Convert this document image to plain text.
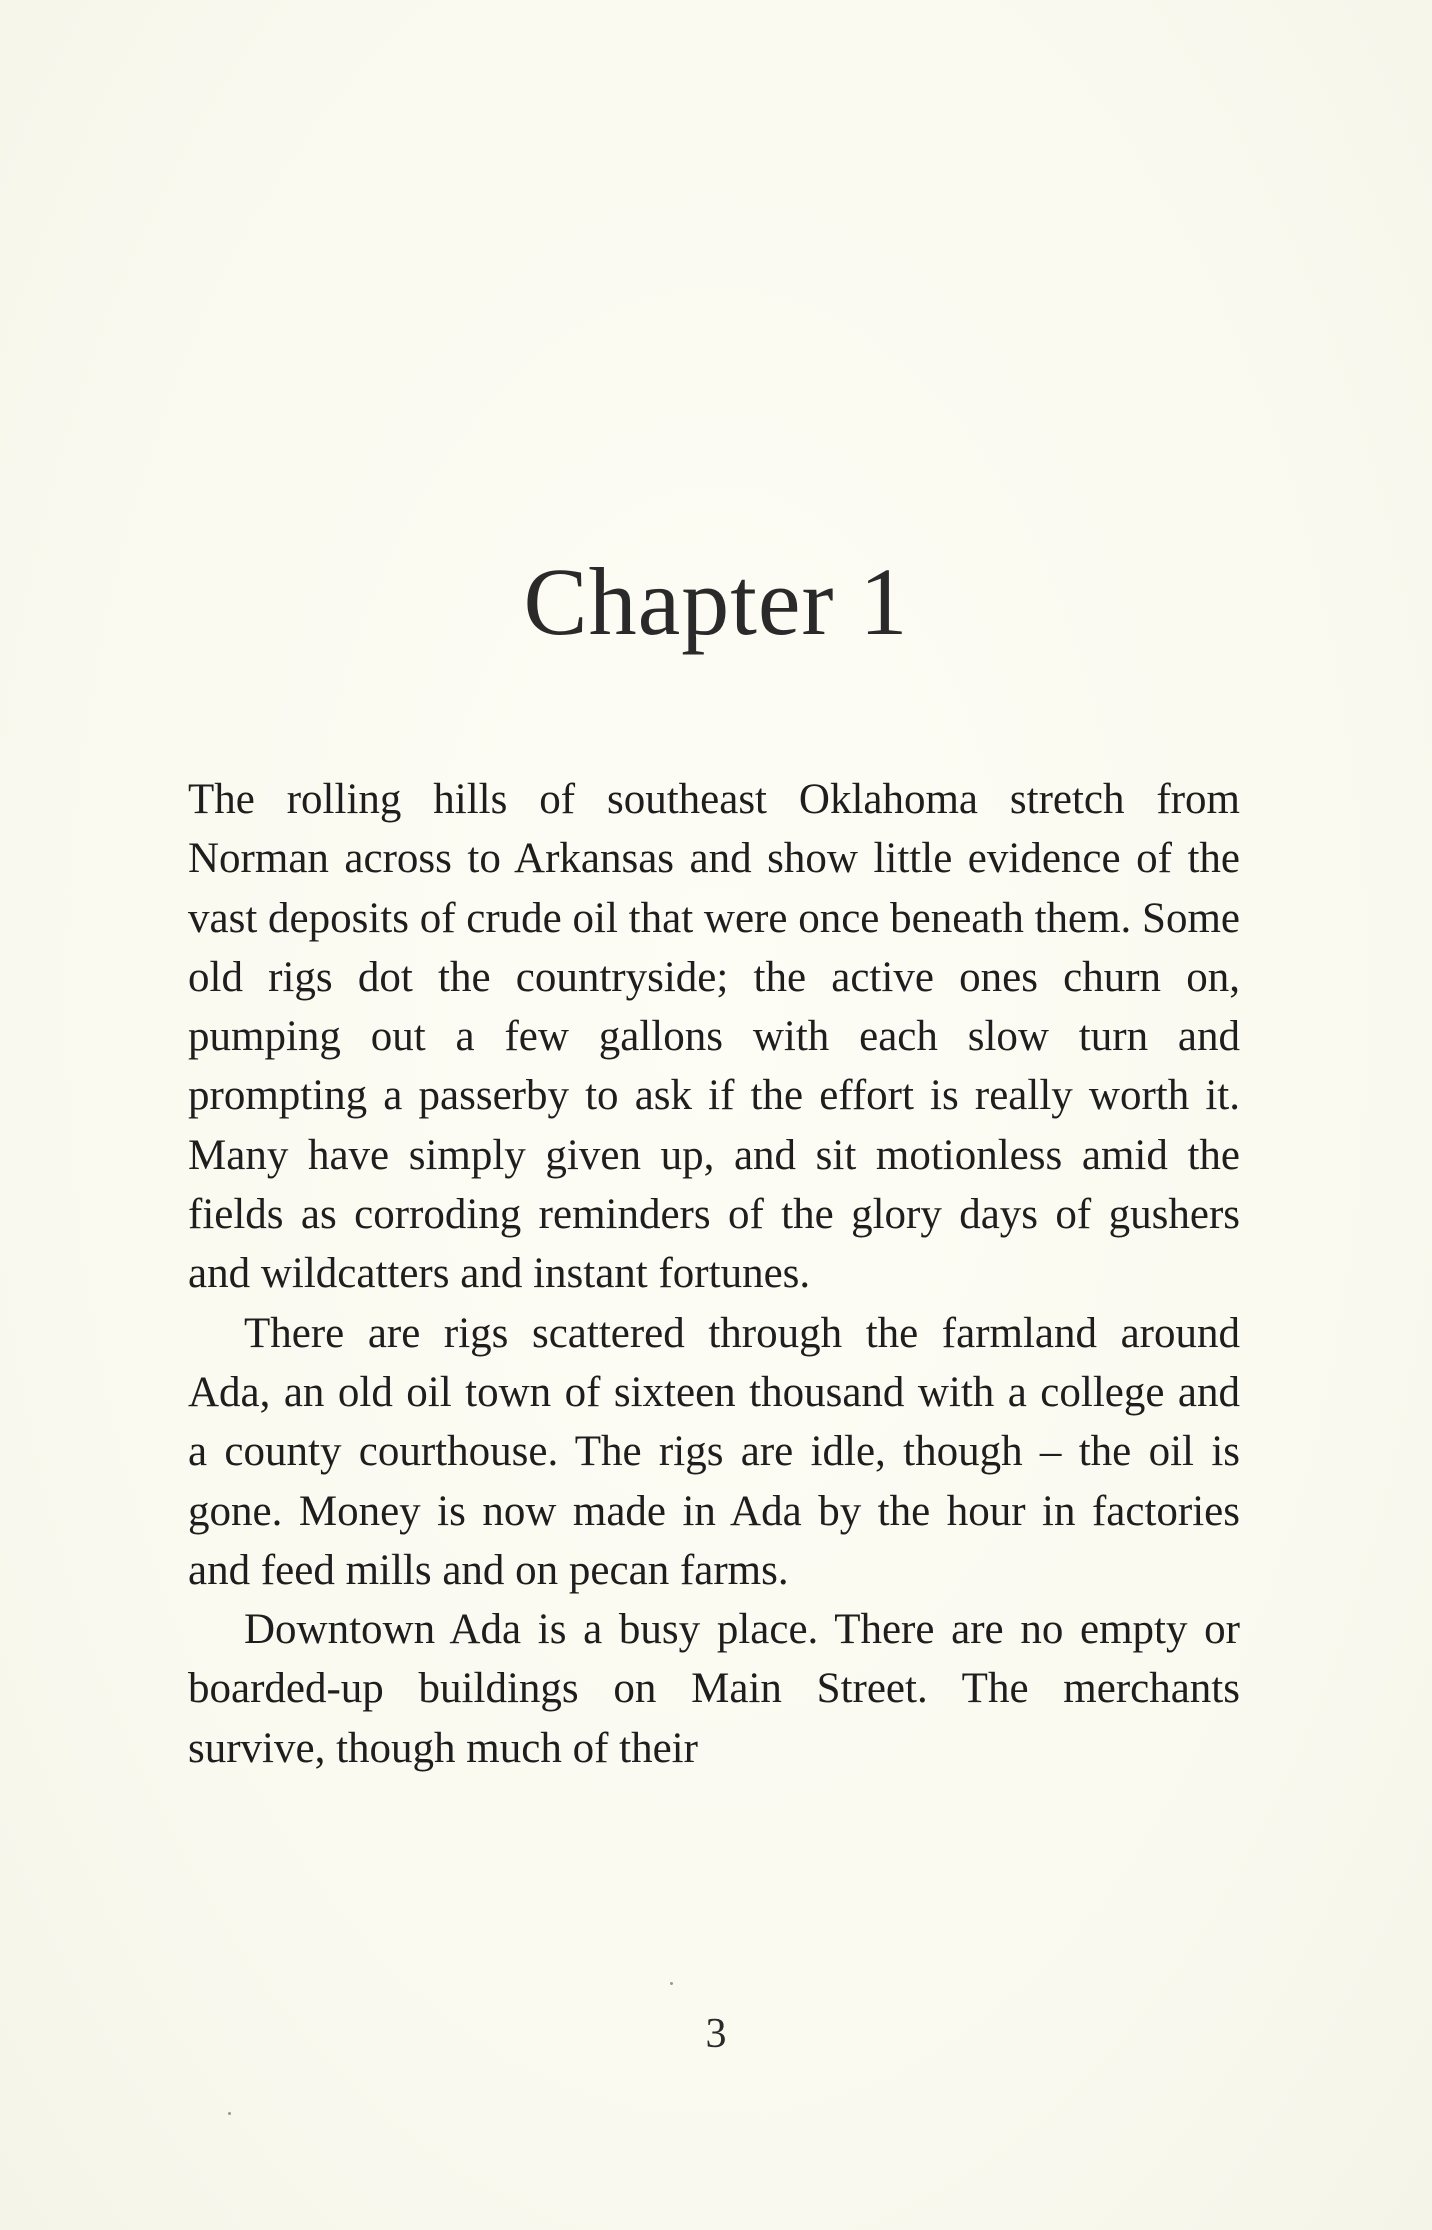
Chapter 1

The rolling hills of southeast Oklahoma stretch from Norman across to Arkansas and show little evidence of the vast deposits of crude oil that were once beneath them. Some old rigs dot the countryside; the active ones churn on, pumping out a few gallons with each slow turn and prompting a passerby to ask if the effort is really worth it. Many have simply given up, and sit motionless amid the fields as corroding reminders of the glory days of gushers and wildcatters and instant fortunes.

There are rigs scattered through the farmland around Ada, an old oil town of sixteen thousand with a college and a county courthouse. The rigs are idle, though – the oil is gone. Money is now made in Ada by the hour in factories and feed mills and on pecan farms.

Downtown Ada is a busy place. There are no empty or boarded-up buildings on Main Street. The merchants survive, though much of their

3
